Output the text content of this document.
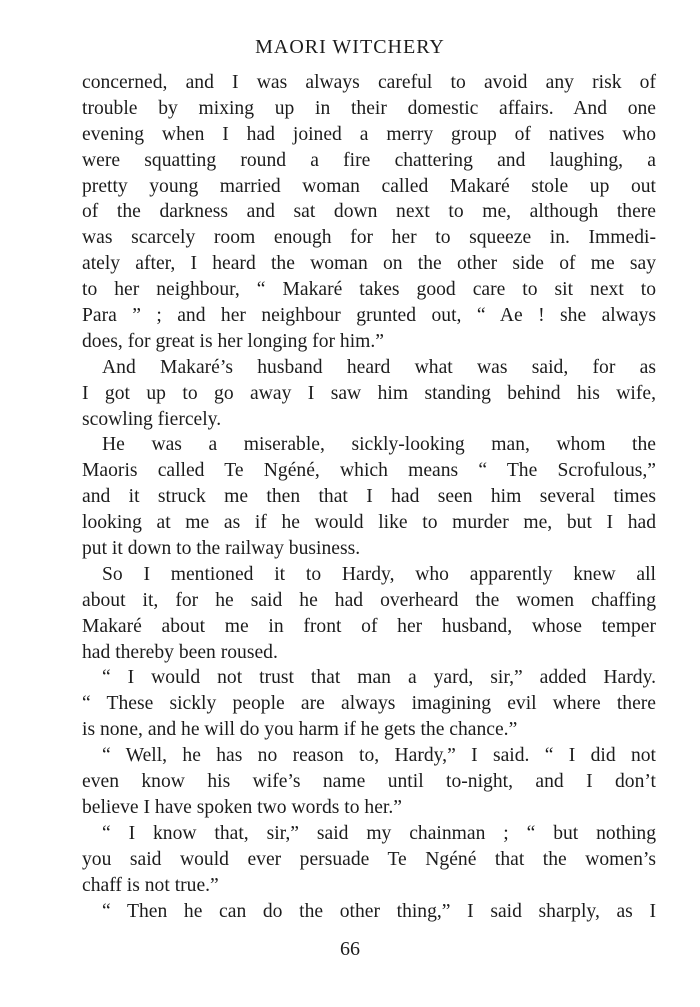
MAORI WITCHERY
concerned, and I was always careful to avoid any risk of
trouble by mixing up in their domestic affairs. And one
evening when I had joined a merry group of natives who
were squatting round a fire chattering and laughing, a
pretty young married woman called Makaré stole up out
of the darkness and sat down next to me, although there
was scarcely room enough for her to squeeze in. Immedi-
ately after, I heard the woman on the other side of me say
to her neighbour, “ Makaré takes good care to sit next to
Para ” ; and her neighbour grunted out, “ Ae ! she always
does, for great is her longing for him.”
And Makaré’s husband heard what was said, for as
I got up to go away I saw him standing behind his wife,
scowling fiercely.
He was a miserable, sickly-looking man, whom the
Maoris called Te Ngéné, which means “ The Scrofulous,”
and it struck me then that I had seen him several times
looking at me as if he would like to murder me, but I had
put it down to the railway business.
So I mentioned it to Hardy, who apparently knew all
about it, for he said he had overheard the women chaffing
Makaré about me in front of her husband, whose temper
had thereby been roused.
“ I would not trust that man a yard, sir,” added Hardy.
“ These sickly people are always imagining evil where there
is none, and he will do you harm if he gets the chance.”
“ Well, he has no reason to, Hardy,” I said. “ I did not
even know his wife’s name until to-night, and I don’t
believe I have spoken two words to her.”
“ I know that, sir,” said my chainman ; “ but nothing
you said would ever persuade Te Ngéné that the women’s
chaff is not true.”
“ Then he can do the other thing,” I said sharply, as I
66
